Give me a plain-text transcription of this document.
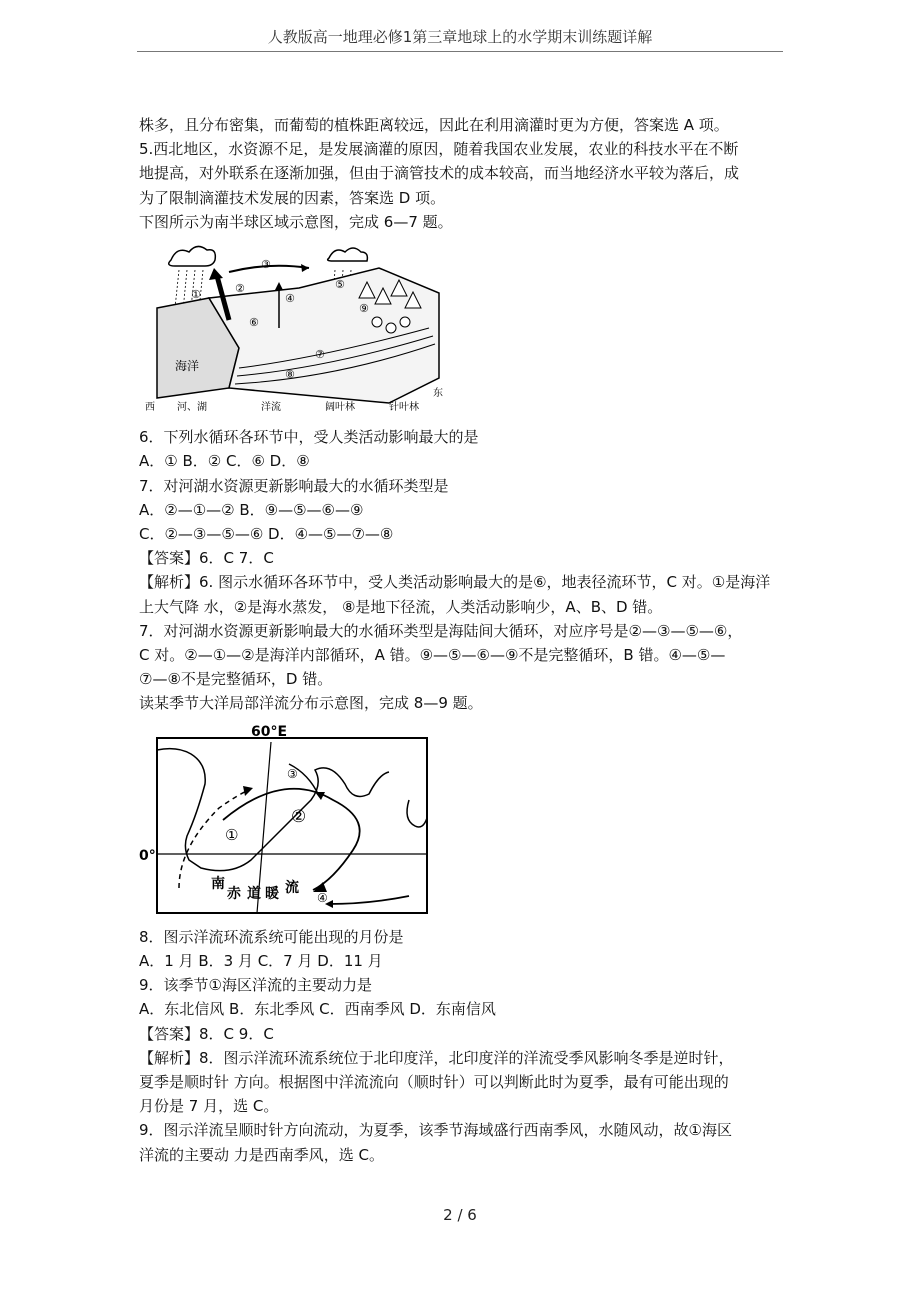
人教版高一地理必修1第三章地球上的水学期末训练题详解

株多，且分布密集，而葡萄的植株距离较远，因此在利用滴灌时更为方便，答案选 A 项。

5.西北地区，水资源不足，是发展滴灌的原因，随着我国农业发展，农业的科技水平在不断

地提高，对外联系在逐渐加强，但由于滴管技术的成本较高，而当地经济水平较为落后，成

为了限制滴灌技术发展的因素，答案选 D 项。

下图所示为南半球区域示意图，完成 6—7 题。

①	②
③
④
⑤
⑥
⑦
⑧
⑨
海洋
西 河、湖	洋流	阔叶林	针叶林
东

6．下列水循环各环节中，受人类活动影响最大的是

A．① B．② C．⑥ D．⑧

7．对河湖水资源更新影响最大的水循环类型是

A．②—①—② B．⑨—⑤—⑥—⑨

C．②—③—⑤—⑥ D．④—⑤—⑦—⑧

【答案】6．C 7．C

【解析】6. 图示水循环各环节中，受人类活动影响最大的是⑥，地表径流环节，C 对。①是海洋

上大气降 水，②是海水蒸发， ⑧是地下径流，人类活动影响少，A、B、D 错。

7．对河湖水资源更新影响最大的水循环类型是海陆间大循环，对应序号是②—③—⑤—⑥，

C 对。②—①—②是海洋内部循环，A 错。⑨—⑤—⑥—⑨不是完整循环，B 错。④—⑤—

⑦—⑧不是完整循环，D 错。

读某季节大洋局部洋流分布示意图，完成 8—9 题。

60°E
0°
①
②
③
④
南
赤 道 暖 流

8．图示洋流环流系统可能出现的月份是

A．1 月 B．3 月 C．7 月 D．11 月

9．该季节①海区洋流的主要动力是

A．东北信风 B．东北季风 C．西南季风 D．东南信风

【答案】8．C 9．C

【解析】8．图示洋流环流系统位于北印度洋，北印度洋的洋流受季风影响冬季是逆时针，

夏季是顺时针 方向。根据图中洋流流向（顺时针）可以判断此时为夏季，最有可能出现的

月份是 7 月，选 C。

9．图示洋流呈顺时针方向流动，为夏季，该季节海域盛行西南季风，水随风动，故①海区

洋流的主要动 力是西南季风，选 C。

2 / 6
